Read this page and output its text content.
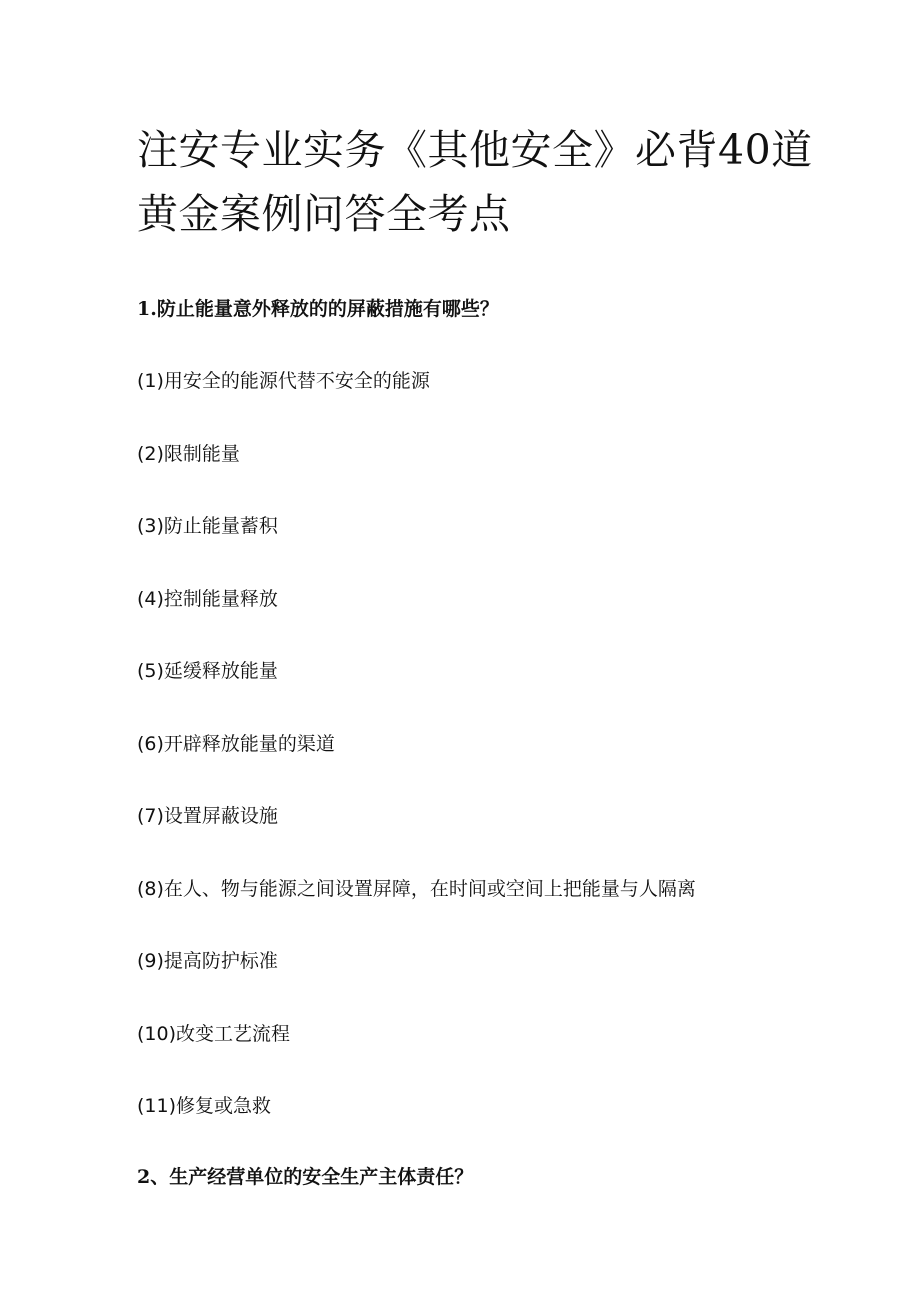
注安专业实务《其他安全》必背40道黄金案例问答全考点
1.防止能量意外释放的的屏蔽措施有哪些？
(1)用安全的能源代替不安全的能源
(2)限制能量
(3)防止能量蓄积
(4)控制能量释放
(5)延缓释放能量
(6)开辟释放能量的渠道
(7)设置屏蔽设施
(8)在人、物与能源之间设置屏障，在时间或空间上把能量与人隔离
(9)提高防护标准
(10)改变工艺流程
(11)修复或急救
2、生产经营单位的安全生产主体责任？
